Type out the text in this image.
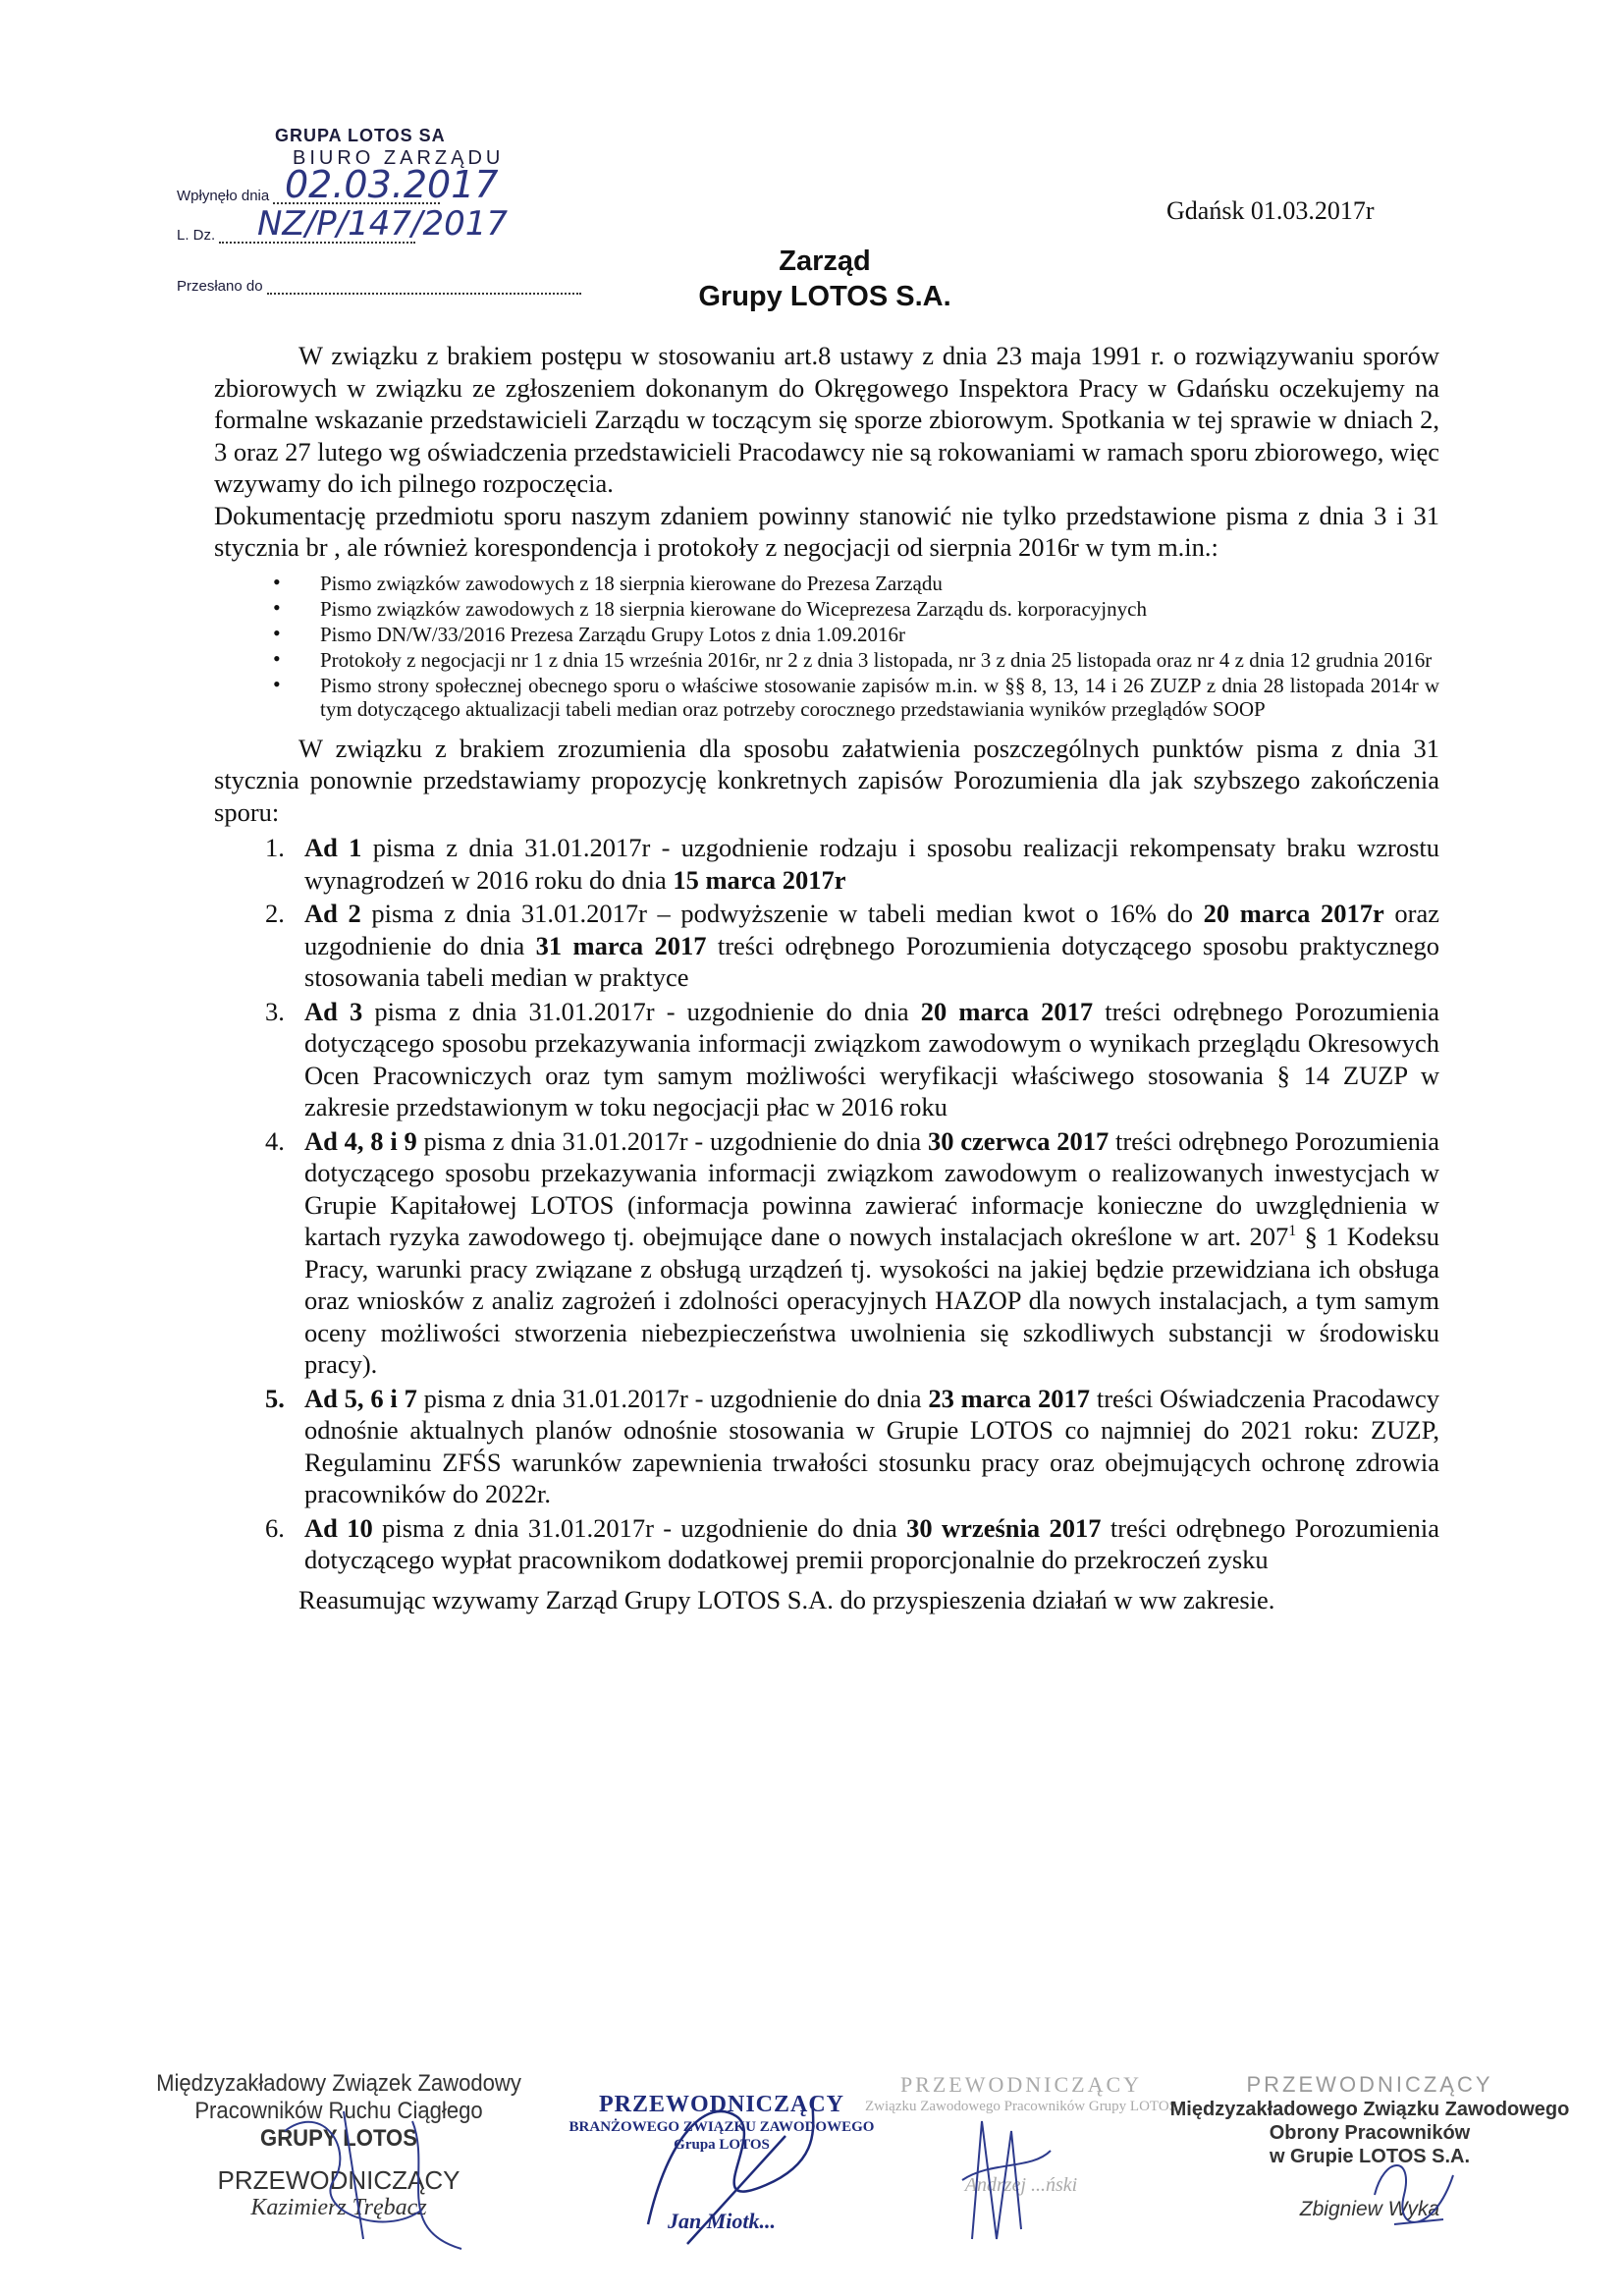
GRUPA LOTOS SA
BIURO ZARZĄDU
Wpłynęło dnia 02.03.2017
L. Dz.	NZ/P/147/2017
Przesłano do
Gdańsk 01.03.2017r
Zarząd
Grupy LOTOS S.A.

W związku z brakiem postępu w stosowaniu art.8 ustawy z dnia 23 maja 1991 r. o rozwiązywaniu sporów zbiorowych w związku ze zgłoszeniem dokonanym do Okręgowego Inspektora Pracy w Gdańsku oczekujemy na formalne wskazanie przedstawicieli Zarządu w toczącym się sporze zbiorowym. Spotkania w tej sprawie w dniach 2, 3 oraz 27 lutego wg oświadczenia przedstawicieli Pracodawcy nie są rokowaniami w ramach sporu zbiorowego, więc wzywamy do ich pilnego rozpoczęcia.

Dokumentację przedmiotu sporu naszym zdaniem powinny stanowić nie tylko przedstawione pisma z dnia 3 i 31 stycznia br , ale również korespondencja i protokoły z negocjacji od sierpnia 2016r w tym m.in.:

• Pismo związków zawodowych z 18 sierpnia kierowane do Prezesa Zarządu
• Pismo związków zawodowych z 18 sierpnia kierowane do Wiceprezesa Zarządu ds. korporacyjnych
• Pismo DN/W/33/2016 Prezesa Zarządu Grupy Lotos z dnia 1.09.2016r
• Protokoły z negocjacji nr 1 z dnia 15 września 2016r, nr 2 z dnia 3 listopada, nr 3 z dnia 25 listopada oraz nr 4 z dnia 12 grudnia 2016r
• Pismo strony społecznej obecnego sporu o właściwe stosowanie zapisów m.in. w §§ 8, 13, 14 i 26 ZUZP z dnia 28 listopada 2014r w tym dotyczącego aktualizacji tabeli median oraz potrzeby corocznego przedstawiania wyników przeglądów SOOP

W związku z brakiem zrozumienia dla sposobu załatwienia poszczególnych punktów pisma z dnia 31 stycznia ponownie przedstawiamy propozycję konkretnych zapisów Porozumienia dla jak szybszego zakończenia sporu:

1. Ad 1 pisma z dnia 31.01.2017r - uzgodnienie rodzaju i sposobu realizacji rekompensaty braku wzrostu wynagrodzeń w 2016 roku do dnia 15 marca 2017r
2. Ad 2 pisma z dnia 31.01.2017r – podwyższenie w tabeli median kwot o 16% do 20 marca 2017r oraz uzgodnienie do dnia 31 marca 2017 treści odrębnego Porozumienia dotyczącego sposobu praktycznego stosowania tabeli median w praktyce
3. Ad 3 pisma z dnia 31.01.2017r - uzgodnienie do dnia 20 marca 2017 treści odrębnego Porozumienia dotyczącego sposobu przekazywania informacji związkom zawodowym o wynikach przeglądu Okresowych Ocen Pracowniczych oraz tym samym możliwości weryfikacji właściwego stosowania § 14 ZUZP w zakresie przedstawionym w toku negocjacji płac w 2016 roku
4. Ad 4, 8 i 9 pisma z dnia 31.01.2017r - uzgodnienie do dnia 30 czerwca 2017 treści odrębnego Porozumienia dotyczącego sposobu przekazywania informacji związkom zawodowym o realizowanych inwestycjach w Grupie Kapitałowej LOTOS (informacja powinna zawierać informacje konieczne do uwzględnienia w kartach ryzyka zawodowego tj. obejmujące dane o nowych instalacjach określone w art. $207^1$ § 1 Kodeksu Pracy, warunki pracy związane z obsługą urządzeń tj. wysokości na jakiej będzie przewidziana ich obsługa oraz wniosków z analiz zagrożeń i zdolności operacyjnych HAZOP dla nowych instalacjach, a tym samym oceny możliwości stworzenia niebezpieczeństwa uwolnienia się szkodliwych substancji w środowisku pracy).
5. Ad 5, 6 i 7 pisma z dnia 31.01.2017r - uzgodnienie do dnia 23 marca 2017 treści Oświadczenia Pracodawcy odnośnie aktualnych planów odnośnie stosowania w Grupie LOTOS co najmniej do 2021 roku: ZUZP, Regulaminu ZFŚS warunków zapewnienia trwałości stosunku pracy oraz obejmujących ochronę zdrowia pracowników do 2022r.
6. Ad 10 pisma z dnia 31.01.2017r - uzgodnienie do dnia 30 września 2017 treści odrębnego Porozumienia dotyczącego wypłat pracownikom dodatkowej premii proporcjonalnie do przekroczeń zysku

Reasumując wzywamy Zarząd Grupy LOTOS S.A. do przyspieszenia działań w ww zakresie.

Międzyzakładowy Związek Zawodowy
Pracowników Ruchu Ciągłego
GRUPY LOTOS
PRZEWODNICZĄCY
Kazimierz Trębacz
PRZEWODNICZĄCY
BRANŻOWEGO ZWIĄZKU ZAWODOWEGO Grupa LOTOS
Jan Miotk...
PRZEWODNICZĄCY
Związku Zawodowego Pracowników Grupy LOTOS
Andrzej ...ński
PRZEWODNICZĄCY
Międzyzakładowego Związku Zawodowego
Obrony Pracowników
w Grupie LOTOS S.A.
Zbigniew Wyka
